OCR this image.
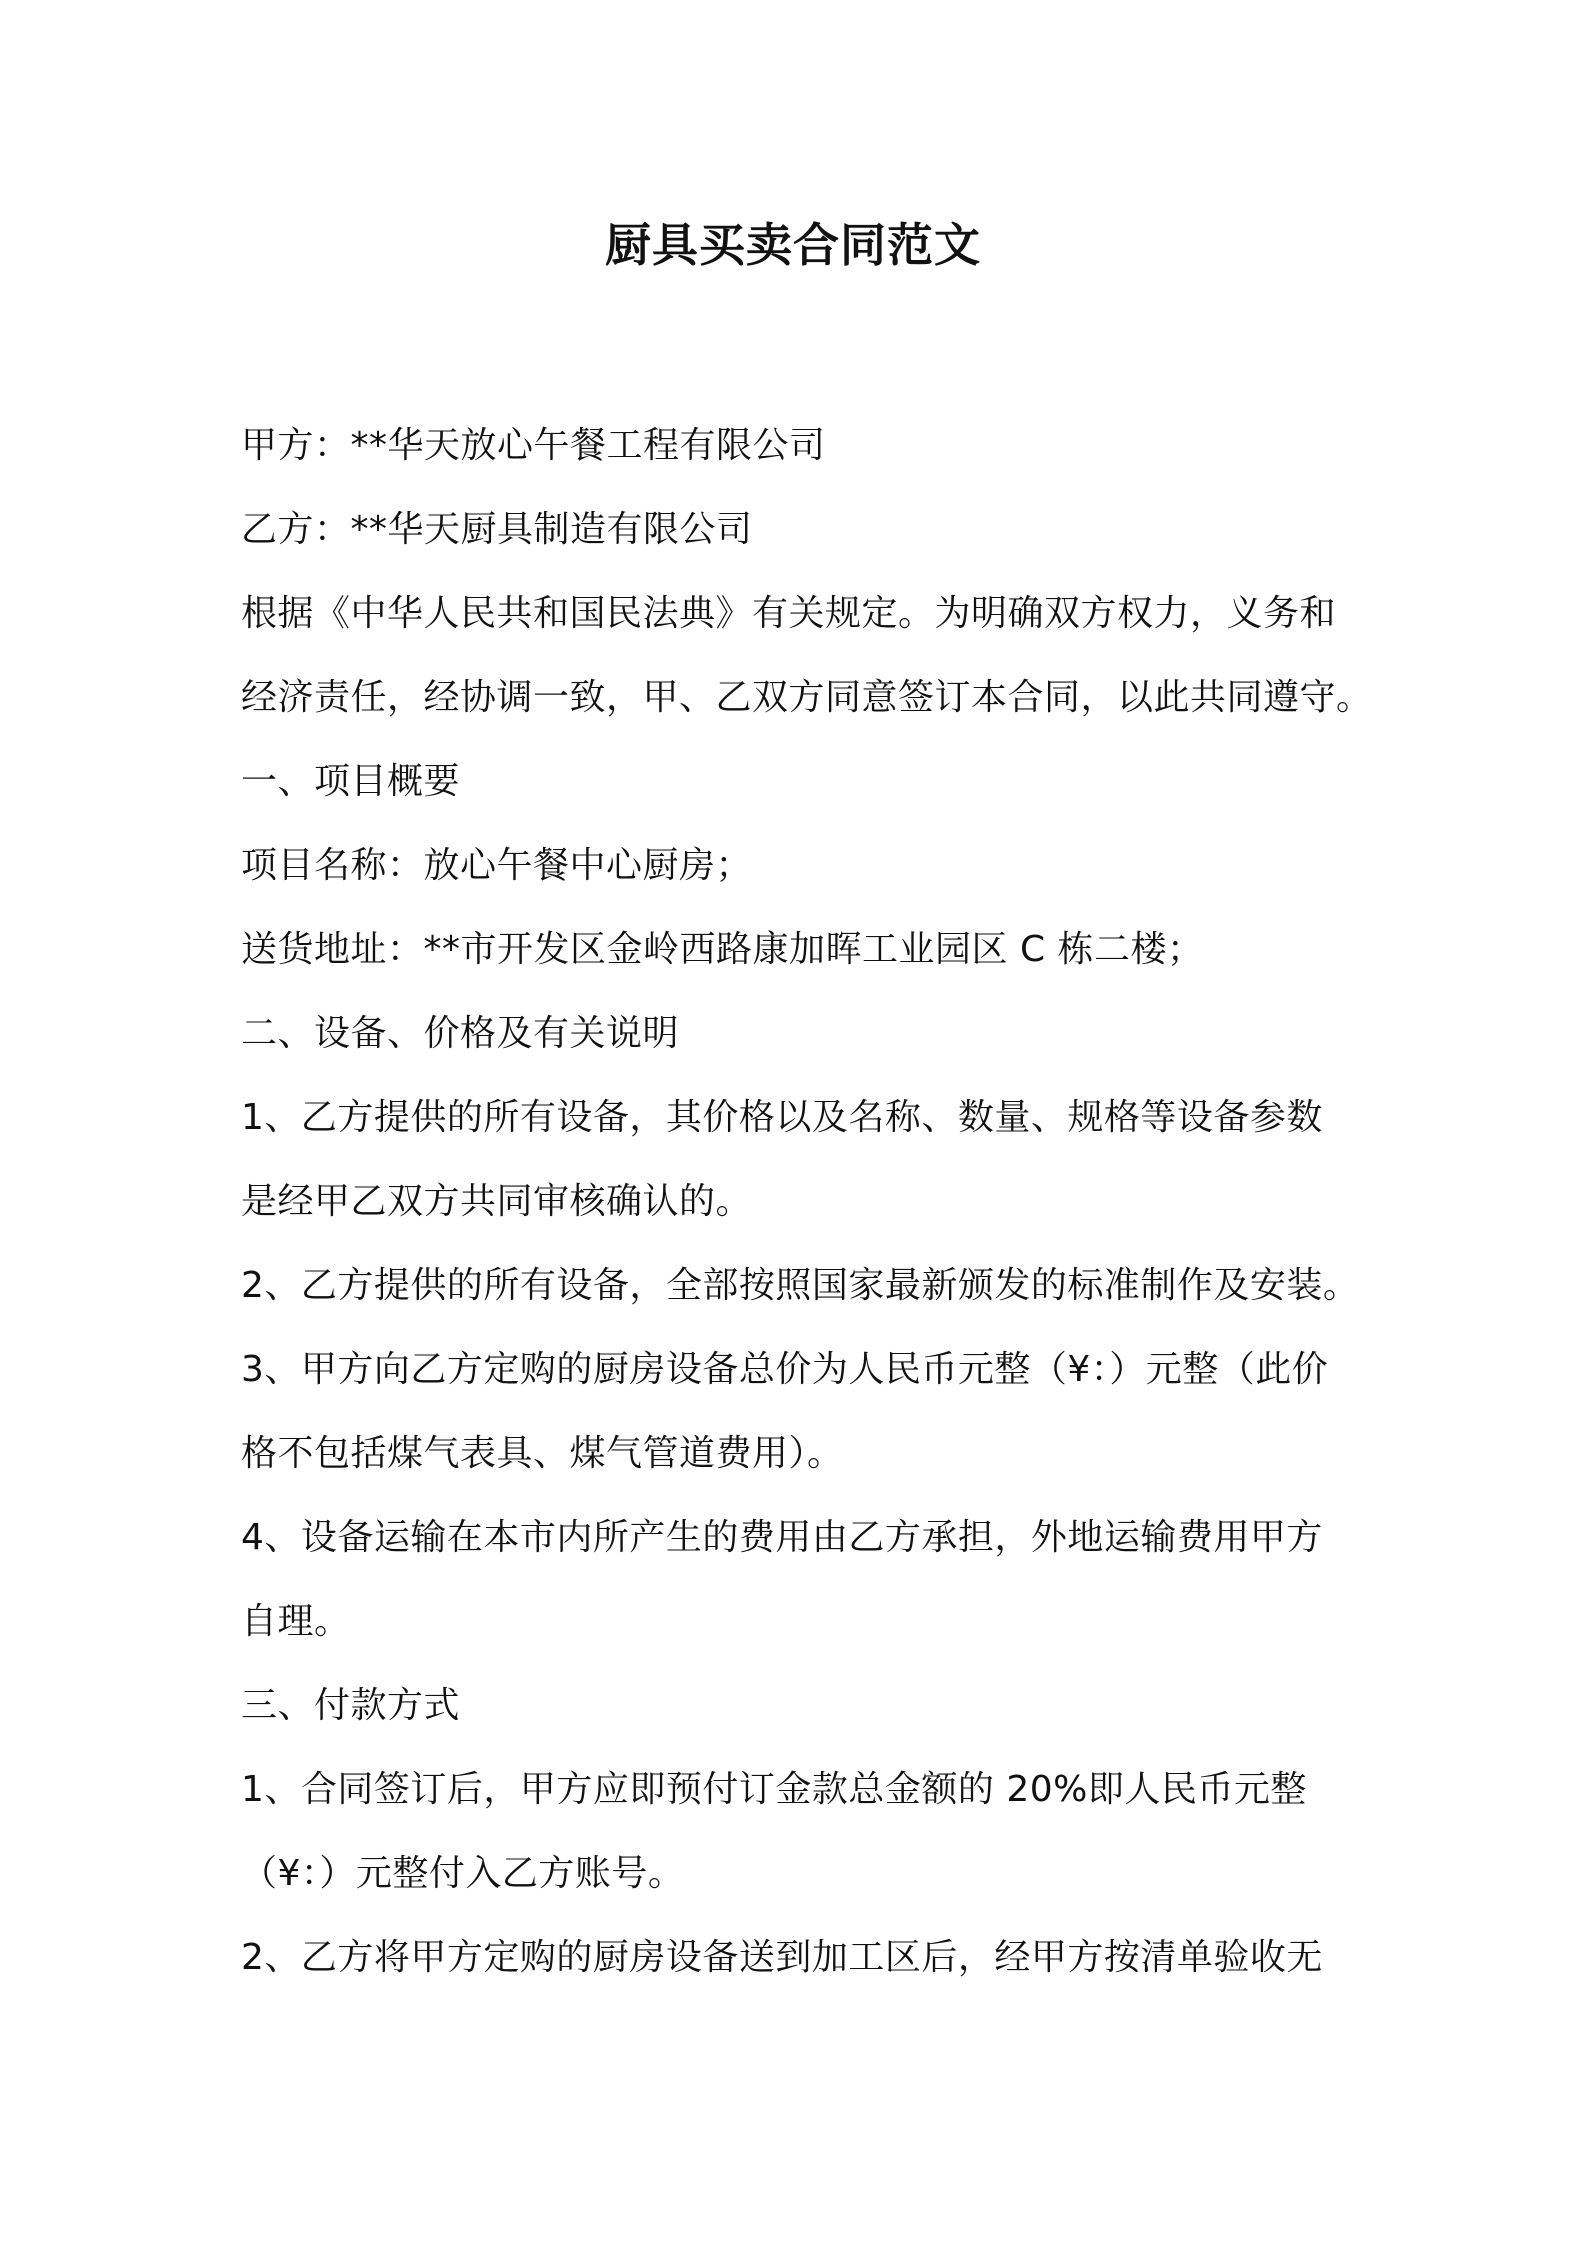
厨具买卖合同范文
甲方：**华天放心午餐工程有限公司
乙方：**华天厨具制造有限公司
根据《中华人民共和国民法典》有关规定。为明确双方权力，义务和
经济责任，经协调一致，甲、乙双方同意签订本合同，以此共同遵守。
一、项目概要
项目名称：放心午餐中心厨房；
送货地址：**市开发区金岭西路康加晖工业园区 C 栋二楼；
二、设备、价格及有关说明
1、乙方提供的所有设备，其价格以及名称、数量、规格等设备参数
是经甲乙双方共同审核确认的。
2、乙方提供的所有设备，全部按照国家最新颁发的标准制作及安装。
3、甲方向乙方定购的厨房设备总价为人民币元整（¥：）元整（此价
格不包括煤气表具、煤气管道费用）。
4、设备运输在本市内所产生的费用由乙方承担，外地运输费用甲方
自理。
三、付款方式
1、合同签订后，甲方应即预付订金款总金额的 20%即人民币元整
（¥：）元整付入乙方账号。
2、乙方将甲方定购的厨房设备送到加工区后，经甲方按清单验收无
